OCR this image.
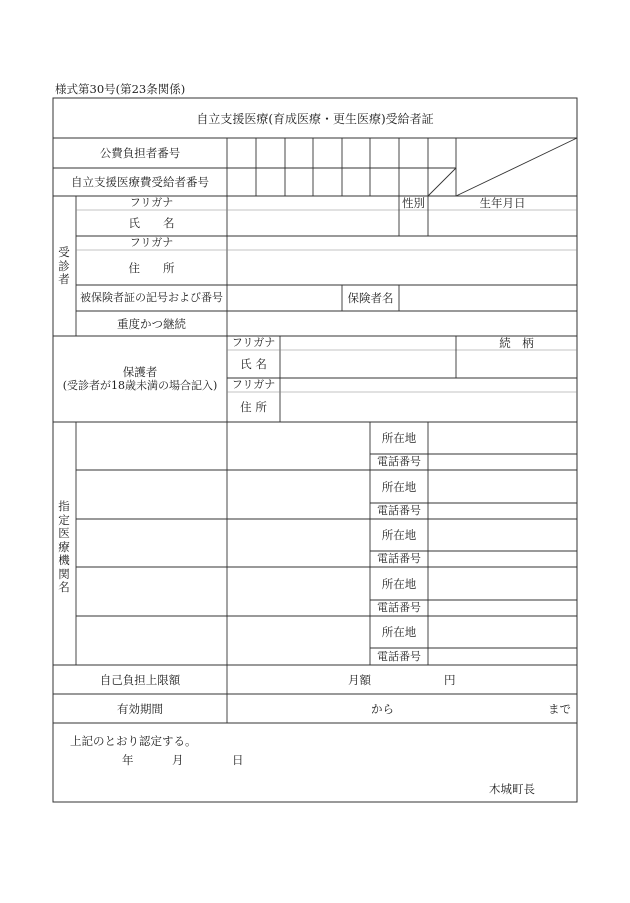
様式第30号(第23条関係)
自立支援医療(育成医療・更生医療)受給者証
公費負担者番号
自立支援医療費受給者番号
受診者
フリガナ
氏　　名
性別	生年月日
フリガナ
住　　所
被保険者証の記号および番号	保険者名
重度かつ継続
保護者
(受診者が18歳未満の場合記入)
フリガナ
氏 名
続　柄
フリガナ
住 所
指定医療機関名
所在地
電話番号
所在地
電話番号
所在地
電話番号
所在地
電話番号
所在地
電話番号
自己負担上限額	月額	円
有効期間	から	まで
上記のとおり認定する。
年	月	日
木城町長
